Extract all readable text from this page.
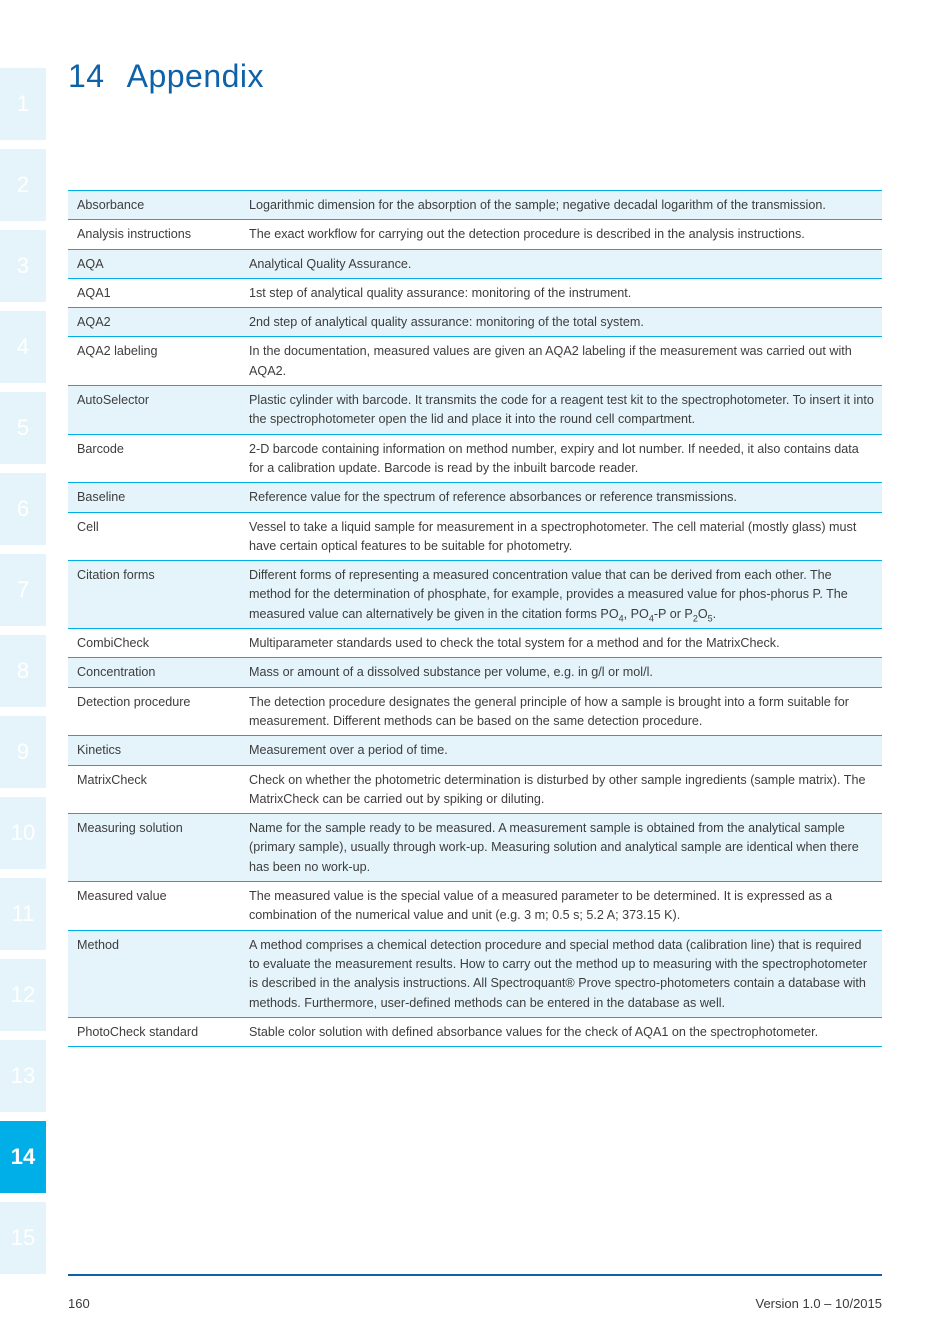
1
2
3
4
5
6
7
8
9
10
11
12
13
14
15
14 Appendix
Absorbance	Logarithmic dimension for the absorption of the sample; negative decadal logarithm of the transmission.
Analysis instructions	The exact workflow for carrying out the detection procedure is described in the analysis instructions.
AQA	Analytical Quality Assurance.
AQA1	1st step of analytical quality assurance: monitoring of the instrument.
AQA2	2nd step of analytical quality assurance: monitoring of the total system.
AQA2 labeling	In the documentation, measured values are given an AQA2 labeling if the measurement was carried out with AQA2.
AutoSelector	Plastic cylinder with barcode. It transmits the code for a reagent test kit to the spectrophotometer. To insert it into the spectrophotometer open the lid and place it into the round cell compartment.
Barcode	2-D barcode containing information on method number, expiry and lot number. If needed, it also contains data for a calibration update. Barcode is read by the inbuilt barcode reader.
Baseline	Reference value for the spectrum of reference absorbances or reference transmissions.
Cell	Vessel to take a liquid sample for measurement in a spectrophotometer. The cell material (mostly glass) must have certain optical features to be suitable for photometry.
Citation forms	Different forms of representing a measured concentration value that can be derived from each other. The method for the determination of phosphate, for example, provides a measured value for phos-phorus P. The measured value can alternatively be given in the citation forms $PO_4$, $PO_4-P$ or $P_2O_5$.
CombiCheck	Multiparameter standards used to check the total system for a method and for the MatrixCheck.
Concentration	Mass or amount of a dissolved substance per volume, e.g. in g/l or mol/l.
Detection procedure	The detection procedure designates the general principle of how a sample is brought into a form suitable for measurement. Different methods can be based on the same detection procedure.
Kinetics	Measurement over a period of time.
MatrixCheck	Check on whether the photometric determination is disturbed by other sample ingredients (sample matrix). The MatrixCheck can be carried out by spiking or diluting.
Measuring solution	Name for the sample ready to be measured. A measurement sample is obtained from the analytical sample (primary sample), usually through work-up. Measuring solution and analytical sample are identical when there has been no work-up.
Measured value	The measured value is the special value of a measured parameter to be determined. It is expressed as a combination of the numerical value and unit (e.g. 3 m; 0.5 s; 5.2 A; 373.15 K).
Method	A method comprises a chemical detection procedure and special method data (calibration line) that is required to evaluate the measurement results. How to carry out the method up to measuring with the spectrophotometer is described in the analysis instructions. All Spectroquant® Prove spectro-photometers contain a database with methods. Furthermore, user-defined methods can be entered in the database as well.
PhotoCheck standard	Stable color solution with defined absorbance values for the check of AQA1 on the spectrophotometer.
160	Version 1.0 – 10/2015
